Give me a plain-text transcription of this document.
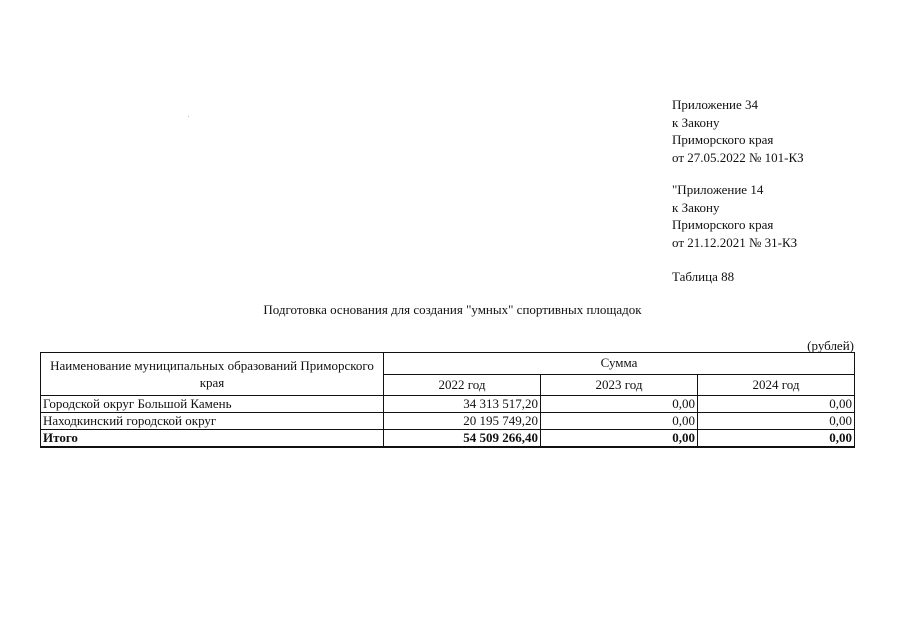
Приложение 34
к Закону
Приморского края
от 27.05.2022 № 101-КЗ
"Приложение 14
к Закону
Приморского края
от 21.12.2021 № 31-КЗ
Таблица 88
Подготовка основания для создания "умных" спортивных площадок
(рублей)
Наименование муниципальных образований Приморского края	Сумма		
	2022 год	2023 год	2024 год
Городской округ Большой Камень	34 313 517,20	0,00	0,00
Находкинский городской округ	20 195 749,20	0,00	0,00
Итого	54 509 266,40	0,00	0,00
